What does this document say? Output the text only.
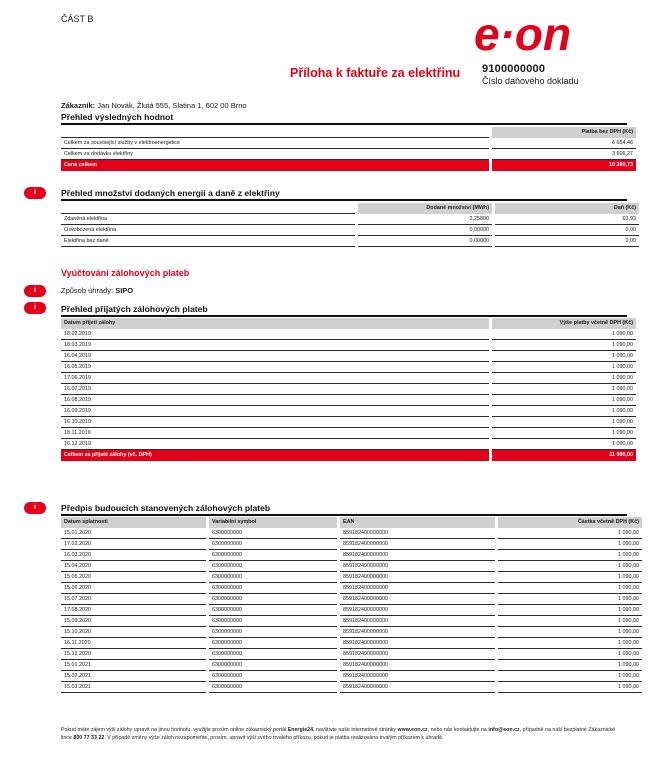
ČÁST B	e·on
Příloha k faktuře za elektřinu 9100000000
Číslo daňového dokladu
Zákazník: Jan Novák, Žlutá 555, Slatina 1, 602 00 Brno
Přehled výsledných hodnot
	Platba bez DPH (Kč)
Celkem za související služby v elektroenergetice	6 654,46
Celkem za dodávku elektřiny	3 606,27
Cena celkem	10 260,73
i	Přehled množství dodaných energií a daně z elektřiny
	Dodané množství (MWh)	Daň (Kč)
Zdaněná elektřina	2,25800	63,93
Osvobozená elektřina	0,00000	0,00
Elektřina bez daně	0,00000	0,00
Vyúčtování zálohových plateb
i	Způsob úhrady: SIPO
i	Přehled přijatých zálohových plateb
Datum přijetí zálohy	Výše platby včetně DPH (Kč)
18.02.2019	1 090,00
18.03.2019	1 090,00
16.04.2019	1 090,00
16.05.2019	1 090,00
17.06.2019	1 090,00
16.07.2019	1 090,00
16.08.2019	1 090,00
16.09.2019	1 090,00
16.10.2019	1 090,00
18.11.2019	1 090,00
16.12.2019	1 090,00
Celkem za přijaté zálohy (vč. DPH)	11 990,00
i	Předpis budoucích stanovených zálohových plateb
Datum splatnosti	Variabilní symbol	EAN	Částka včetně DPH (Kč)
15.01.2020	6300000000	859182400000000	1 090,00
17.02.2020	6300000000	859182400000000	1 090,00
16.03.2020	6300000000	859182400000000	1 090,00
15.04.2020	6300000000	859182400000000	1 090,00
15.05.2020	6300000000	859182400000000	1 090,00
15.06.2020	6300000000	859182400000000	1 090,00
15.07.2020	6300000000	859182400000000	1 090,00
17.08.2020	6300000000	859182400000000	1 090,00
15.09.2020	6300000000	859182400000000	1 090,00
15.10.2020	6300000000	859182400000000	1 090,00
16.11.2020	6300000000	859182400000000	1 090,00
15.12.2020	6300000000	859182400000000	1 090,00
15.01.2021	6300000000	859182400000000	1 090,00
15.02.2021	6300000000	859182400000000	1 090,00
15.03.2021	6300000000	859182400000000	1 090,00
Pokud máte zájem výši zálohy upravit na jinou hodnotu, využijte prosím online zákaznický portál Energie24, navštivte naše internetové stránky www.eon.cz, nebo nás kontaktujte na info@eon.cz, případně na naší bezplatné Zákaznické lince 800 77 33 22. V případě změny výše záloh nezapomeňte, prosím, upravit výši svého trvalého příkazu, pokud je platba realizována trvalým příkazem k úhradě.
